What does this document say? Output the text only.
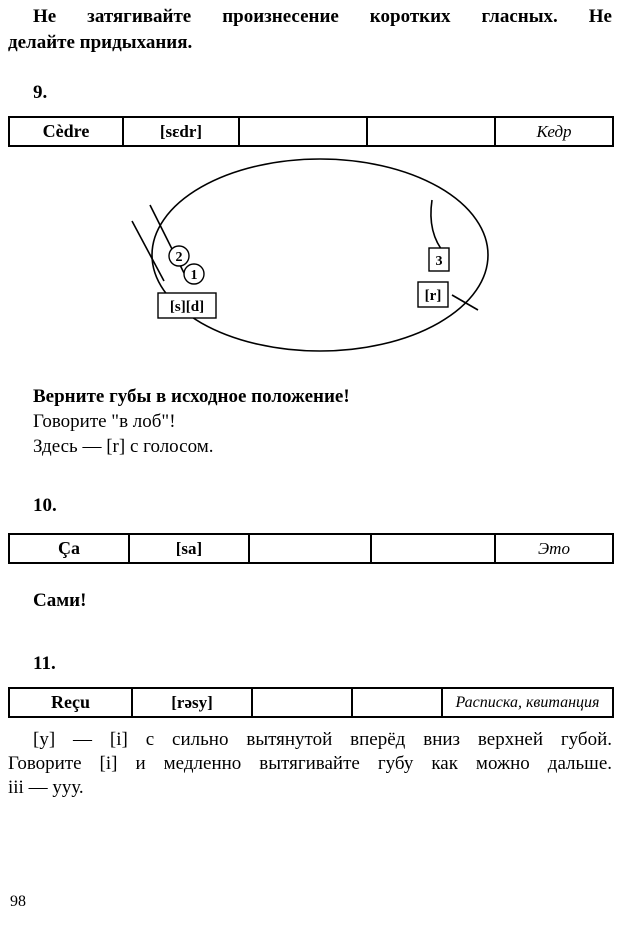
Не затягивайте произнесение коротких гласных. Не
делайте придыхания.
9.
Cèdre	[sɛdr]			Кедр
2
1
[s][d]
3
[r]
Верните губы в исходное положение!
Говорите "в лоб"!
Здесь — [r] с голосом.
10.
Ça	[sa]			Это
Сами!
11.
Reçu	[rəsy]			Расписка, квитанция
[y] — [i] с сильно вытянутой вперёд вниз верхней губой.
Говорите [i] и медленно вытягивайте губу как можно дальше.
iii — ууу.
98
